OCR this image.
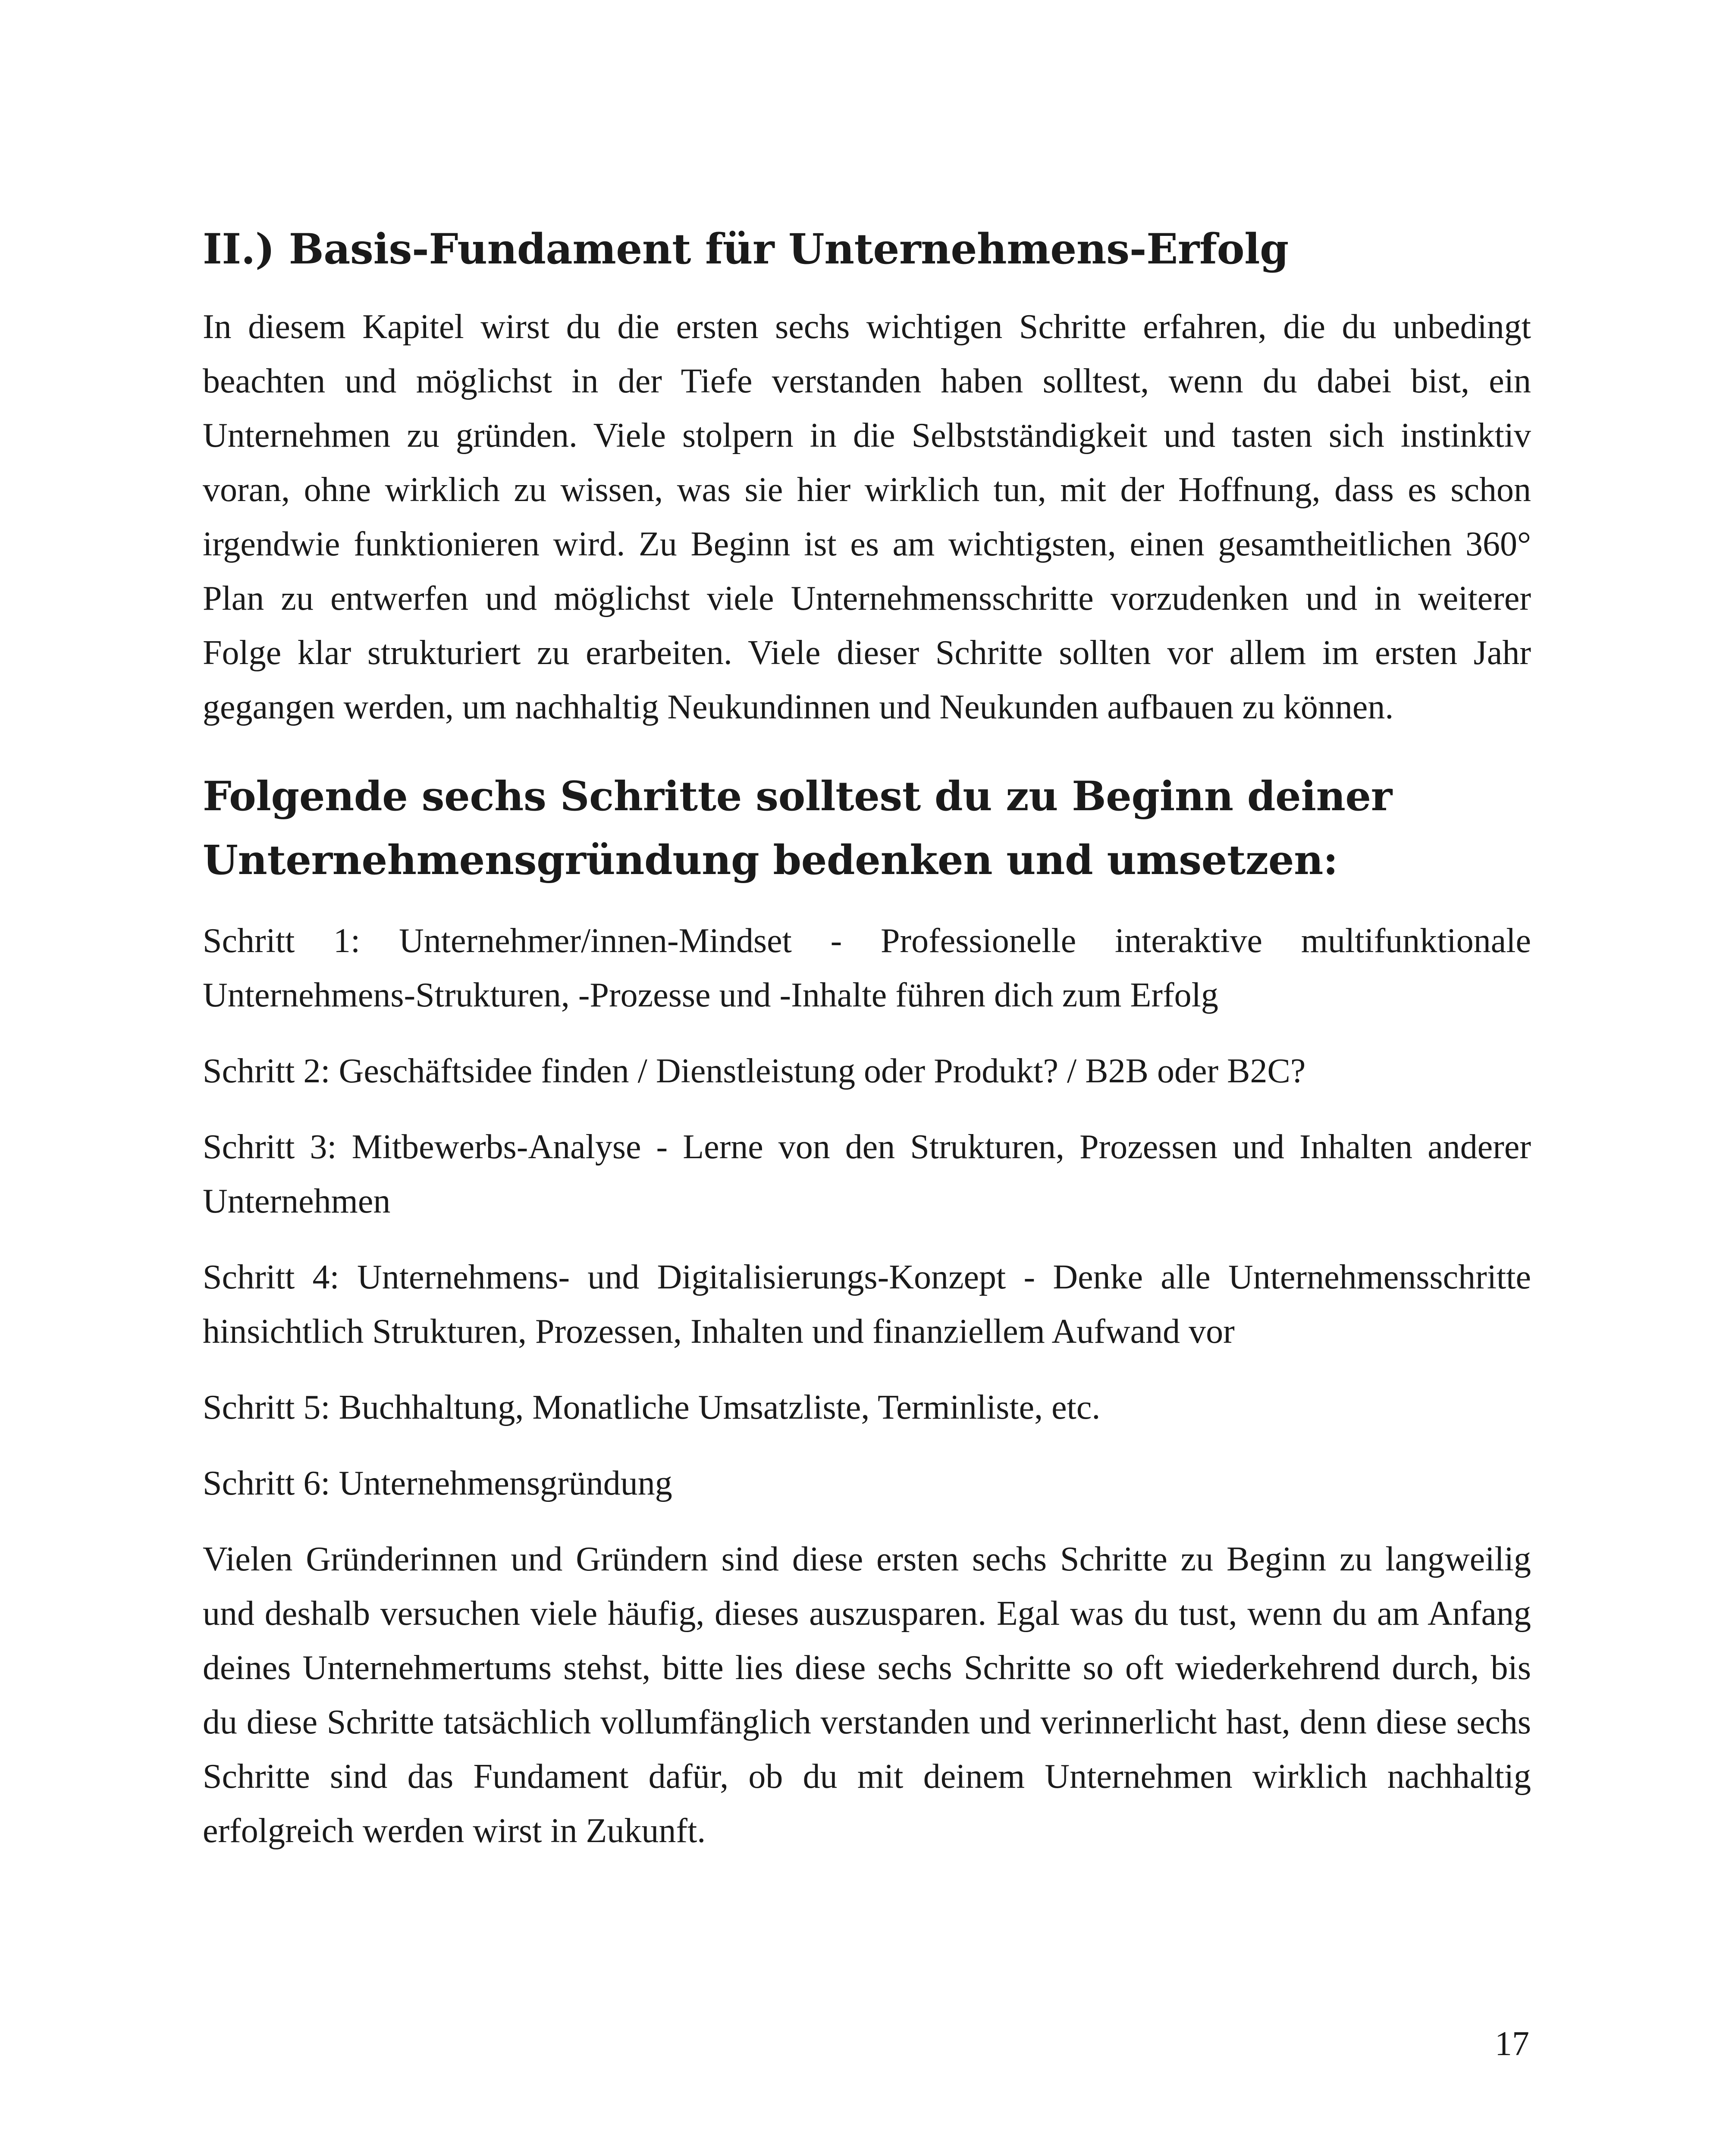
II.) Basis-Fundament für Unternehmens-Erfolg

In diesem Kapitel wirst du die ersten sechs wichtigen Schritte erfahren, die du unbedingt beachten und möglichst in der Tiefe verstanden haben solltest, wenn du dabei bist, ein Unternehmen zu gründen. Viele stolpern in die Selbstständigkeit und tasten sich instinktiv voran, ohne wirklich zu wissen, was sie hier wirklich tun, mit der Hoffnung, dass es schon irgendwie funktionieren wird. Zu Beginn ist es am wichtigsten, einen gesamtheitlichen 360° Plan zu entwerfen und möglichst viele Unternehmensschritte vorzudenken und in weiterer Folge klar strukturiert zu erarbeiten. Viele dieser Schritte sollten vor allem im ersten Jahr gegangen werden, um nachhaltig Neukundinnen und Neukunden aufbauen zu können.

Folgende sechs Schritte solltest du zu Beginn deiner Unternehmensgründung bedenken und umsetzen:
Schritt 1: Unternehmer/innen-Mindset - Professionelle interaktive multifunktionale Unternehmens-Strukturen, -Prozesse und -Inhalte führen dich zum Erfolg
Schritt 2: Geschäftsidee finden / Dienstleistung oder Produkt? / B2B oder B2C?
Schritt 3: Mitbewerbs-Analyse - Lerne von den Strukturen, Prozessen und Inhalten anderer Unternehmen
Schritt 4: Unternehmens- und Digitalisierungs-Konzept - Denke alle Unternehmensschritte hinsichtlich Strukturen, Prozessen, Inhalten und finanziellem Aufwand vor
Schritt 5: Buchhaltung, Monatliche Umsatzliste, Terminliste, etc.
Schritt 6: Unternehmensgründung

Vielen Gründerinnen und Gründern sind diese ersten sechs Schritte zu Beginn zu langweilig und deshalb versuchen viele häufig, dieses auszusparen. Egal was du tust, wenn du am Anfang deines Unternehmertums stehst, bitte lies diese sechs Schritte so oft wiederkehrend durch, bis du diese Schritte tatsächlich vollumfänglich verstanden und verinnerlicht hast, denn diese sechs Schritte sind das Fundament dafür, ob du mit deinem Unternehmen wirklich nachhaltig erfolgreich werden wirst in Zukunft.

17
